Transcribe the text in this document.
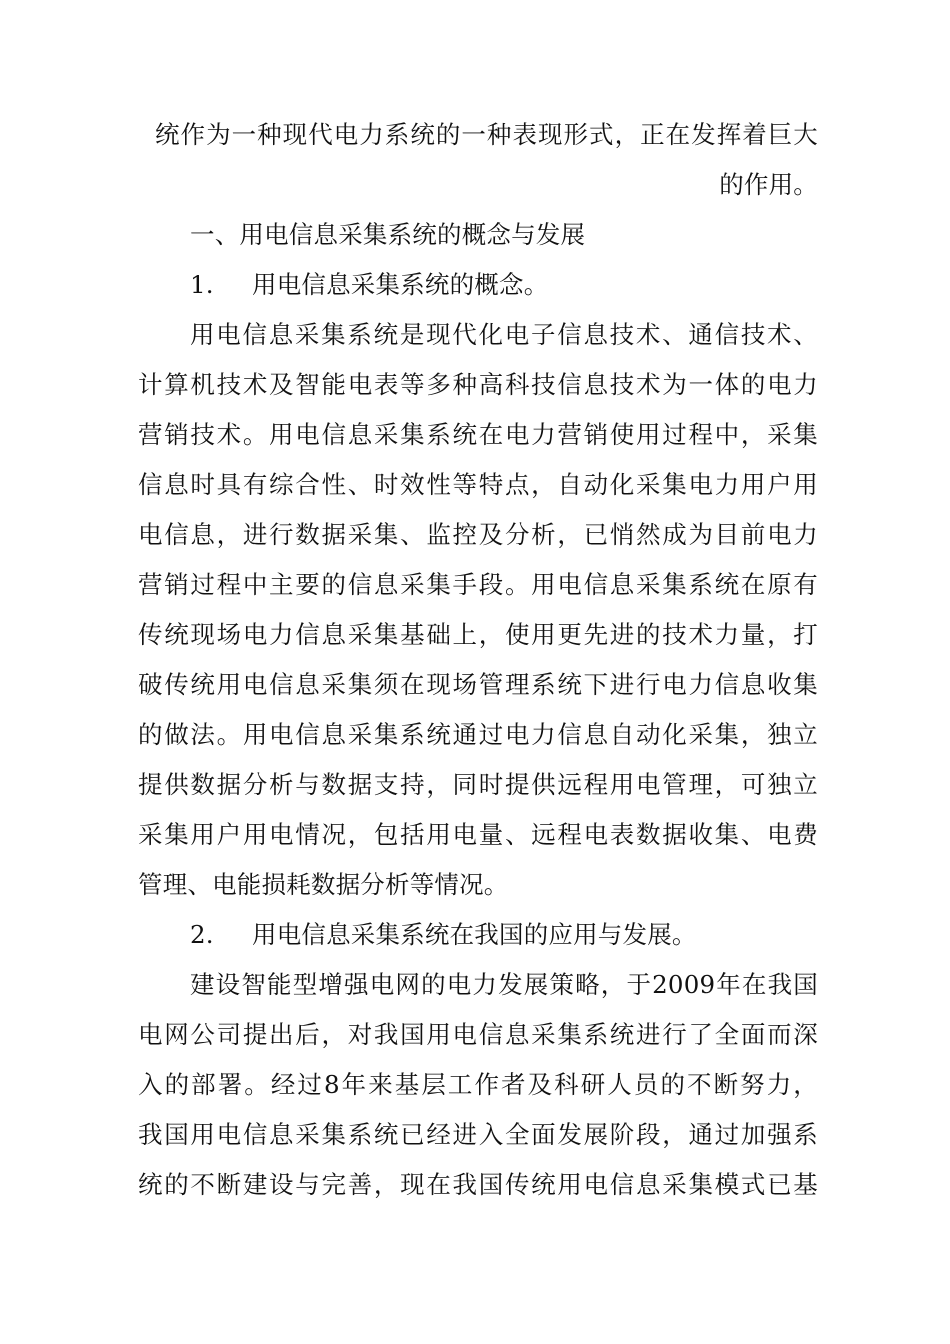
统作为一种现代电力系统的一种表现形式，正在发挥着巨大
的作用。
一、用电信息采集系统的概念与发展
1. 用电信息采集系统的概念。
用电信息采集系统是现代化电子信息技术、通信技术、
计算机技术及智能电表等多种高科技信息技术为一体的电力
营销技术。用电信息采集系统在电力营销使用过程中，采集
信息时具有综合性、时效性等特点，自动化采集电力用户用
电信息，进行数据采集、监控及分析，已悄然成为目前电力
营销过程中主要的信息采集手段。用电信息采集系统在原有
传统现场电力信息采集基础上，使用更先进的技术力量，打
破传统用电信息采集须在现场管理系统下进行电力信息收集
的做法。用电信息采集系统通过电力信息自动化采集，独立
提供数据分析与数据支持，同时提供远程用电管理，可独立
采集用户用电情况，包括用电量、远程电表数据收集、电费
管理、电能损耗数据分析等情况。
2. 用电信息采集系统在我国的应用与发展。
建设智能型增强电网的电力发展策略，于2009年在我国
电网公司提出后，对我国用电信息采集系统进行了全面而深
入的部署。经过8年来基层工作者及科研人员的不断努力，
我国用电信息采集系统已经进入全面发展阶段，通过加强系
统的不断建设与完善，现在我国传统用电信息采集模式已基
